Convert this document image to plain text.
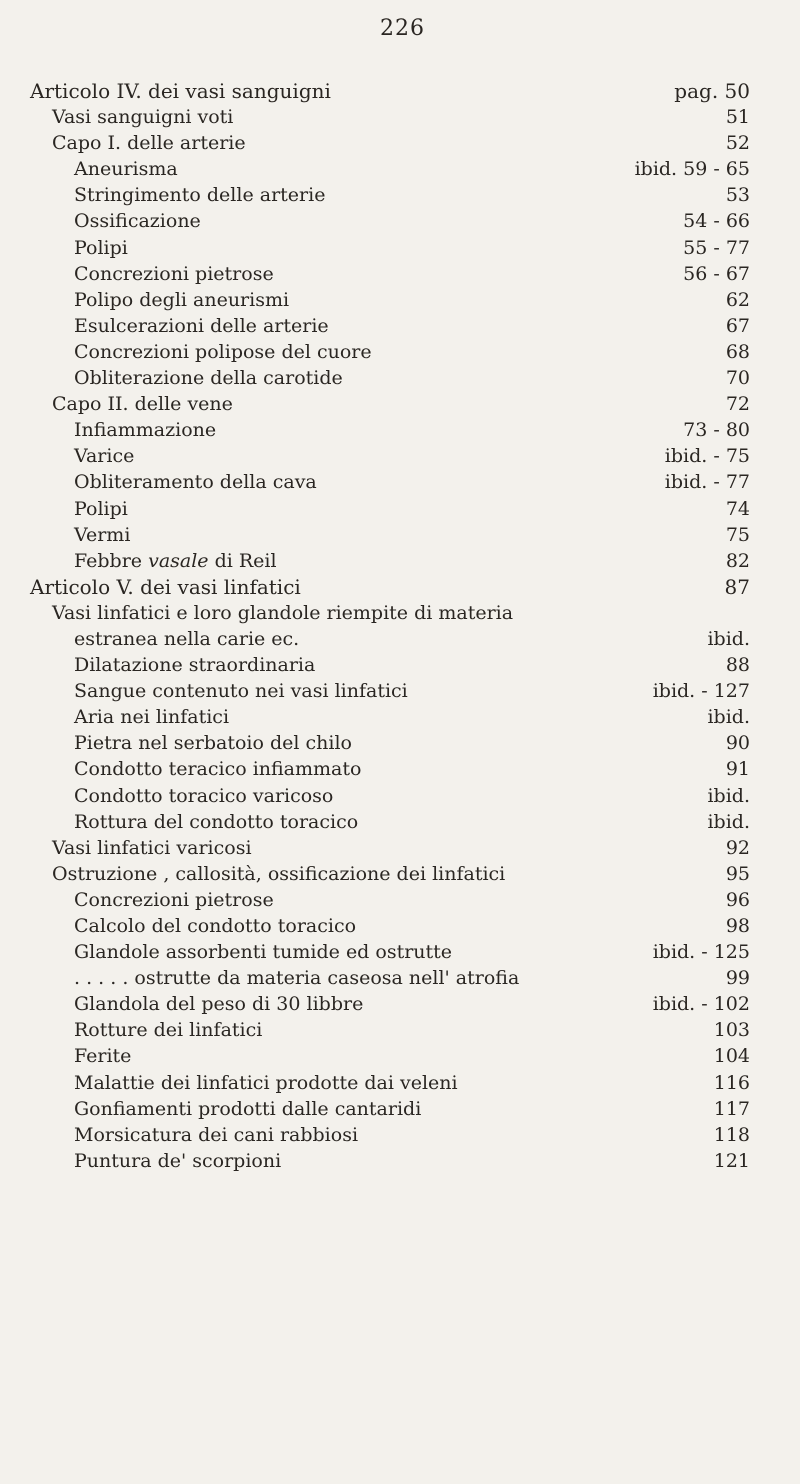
226
Articolo IV. dei vasi sanguigni	pag. 50
Vasi sanguigni voti	51
Capo I. delle arterie	52
Aneurisma	ibid. 59 - 65
Stringimento delle arterie	53
Ossificazione	54 - 66
Polipi	55 - 77
Concrezioni pietrose	56 - 67
Polipo degli aneurismi	62
Esulcerazioni delle arterie	67
Concrezioni polipose del cuore	68
Obliterazione della carotide	70
Capo II. delle vene	72
Infiammazione	73 - 80
Varice	ibid. - 75
Obliteramento della cava	ibid. - 77
Polipi	74
Vermi	75
Febbre vasale di Reil	82
Articolo V. dei vasi linfatici	87
Vasi linfatici e loro glandole riempite di materia
estranea nella carie ec.	ibid.
Dilatazione straordinaria	88
Sangue contenuto nei vasi linfatici	ibid. - 127
Aria nei linfatici	ibid.
Pietra nel serbatoio del chilo	90
Condotto teracico infiammato	91
Condotto toracico varicoso	ibid.
Rottura del condotto toracico	ibid.
Vasi linfatici varicosi	92
Ostruzione , callosità, ossificazione dei linfatici	95
Concrezioni pietrose	96
Calcolo del condotto toracico	98
Glandole assorbenti tumide ed ostrutte	ibid. - 125
. . . . . ostrutte da materia caseosa nell' atrofia	99
Glandola del peso di 30 libbre	ibid. - 102
Rotture dei linfatici	103
Ferite	104
Malattie dei linfatici prodotte dai veleni	116
Gonfiamenti prodotti dalle cantaridi	117
Morsicatura dei cani rabbiosi	118
Puntura de' scorpioni	121
